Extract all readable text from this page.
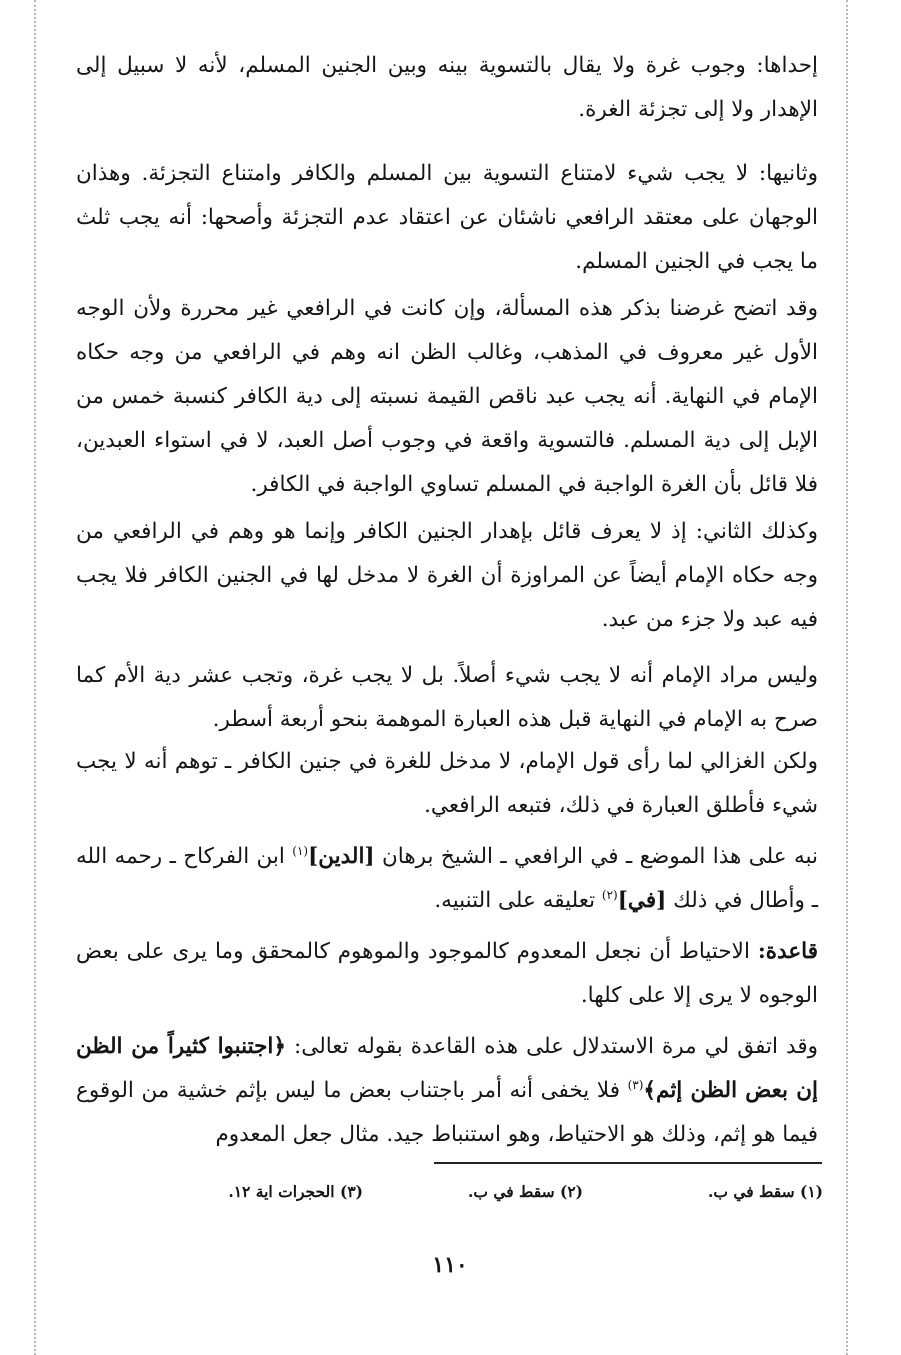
إحداها: وجوب غرة ولا يقال بالتسوية بينه وبين الجنين المسلم، لأنه لا سبيل إلى الإهدار ولا إلى تجزئة الغرة.

وثانيها: لا يجب شيء لامتناع التسوية بين المسلم والكافر وامتناع التجزئة. وهذان الوجهان على معتقد الرافعي ناشئان عن اعتقاد عدم التجزئة وأصحها: أنه يجب ثلث ما يجب في الجنين المسلم.

وقد اتضح غرضنا بذكر هذه المسألة، وإن كانت في الرافعي غير محررة ولأن الوجه الأول غير معروف في المذهب، وغالب الظن انه وهم في الرافعي من وجه حكاه الإمام في النهاية. أنه يجب عبد ناقص القيمة نسبته إلى دية الكافر كنسبة خمس من الإبل إلى دية المسلم. فالتسوية واقعة في وجوب أصل العبد، لا في استواء العبدين، فلا قائل بأن الغرة الواجبة في المسلم تساوي الواجبة في الكافر.

وكذلك الثاني: إذ لا يعرف قائل بإهدار الجنين الكافر وإنما هو وهم في الرافعي من وجه حكاه الإمام أيضاً عن المراوزة أن الغرة لا مدخل لها في الجنين الكافر فلا يجب فيه عبد ولا جزء من عبد.

وليس مراد الإمام أنه لا يجب شيء أصلاً. بل لا يجب غرة، وتجب عشر دية الأم كما صرح به الإمام في النهاية قبل هذه العبارة الموهمة بنحو أربعة أسطر.

ولكن الغزالي لما رأى قول الإمام، لا مدخل للغرة في جنين الكافر ـ توهم أنه لا يجب شيء فأطلق العبارة في ذلك، فتبعه الرافعي.

نبه على هذا الموضع ـ في الرافعي ـ الشيخ برهان [الدين]$^{(١)}$ ابن الفركاح ـ رحمه الله ـ وأطال في ذلك [في]$^{(٢)}$ تعليقه على التنبيه.

قاعدة: الاحتياط أن نجعل المعدوم كالموجود والموهوم كالمحقق وما يرى على بعض الوجوه لا يرى إلا على كلها.

وقد اتفق لي مرة الاستدلال على هذه القاعدة بقوله تعالى: ﴿اجتنبوا كثيراً من الظن إن بعض الظن إثم﴾$^{(٣)}$ فلا يخفى أنه أمر باجتناب بعض ما ليس بإثم خشية من الوقوع فيما هو إثم، وذلك هو الاحتياط، وهو استنباط جيد. مثال جعل المعدوم

(١) سقط في ب.
(٢) سقط في ب.
(٣) الحجرات اية ١٢.
١١٠
